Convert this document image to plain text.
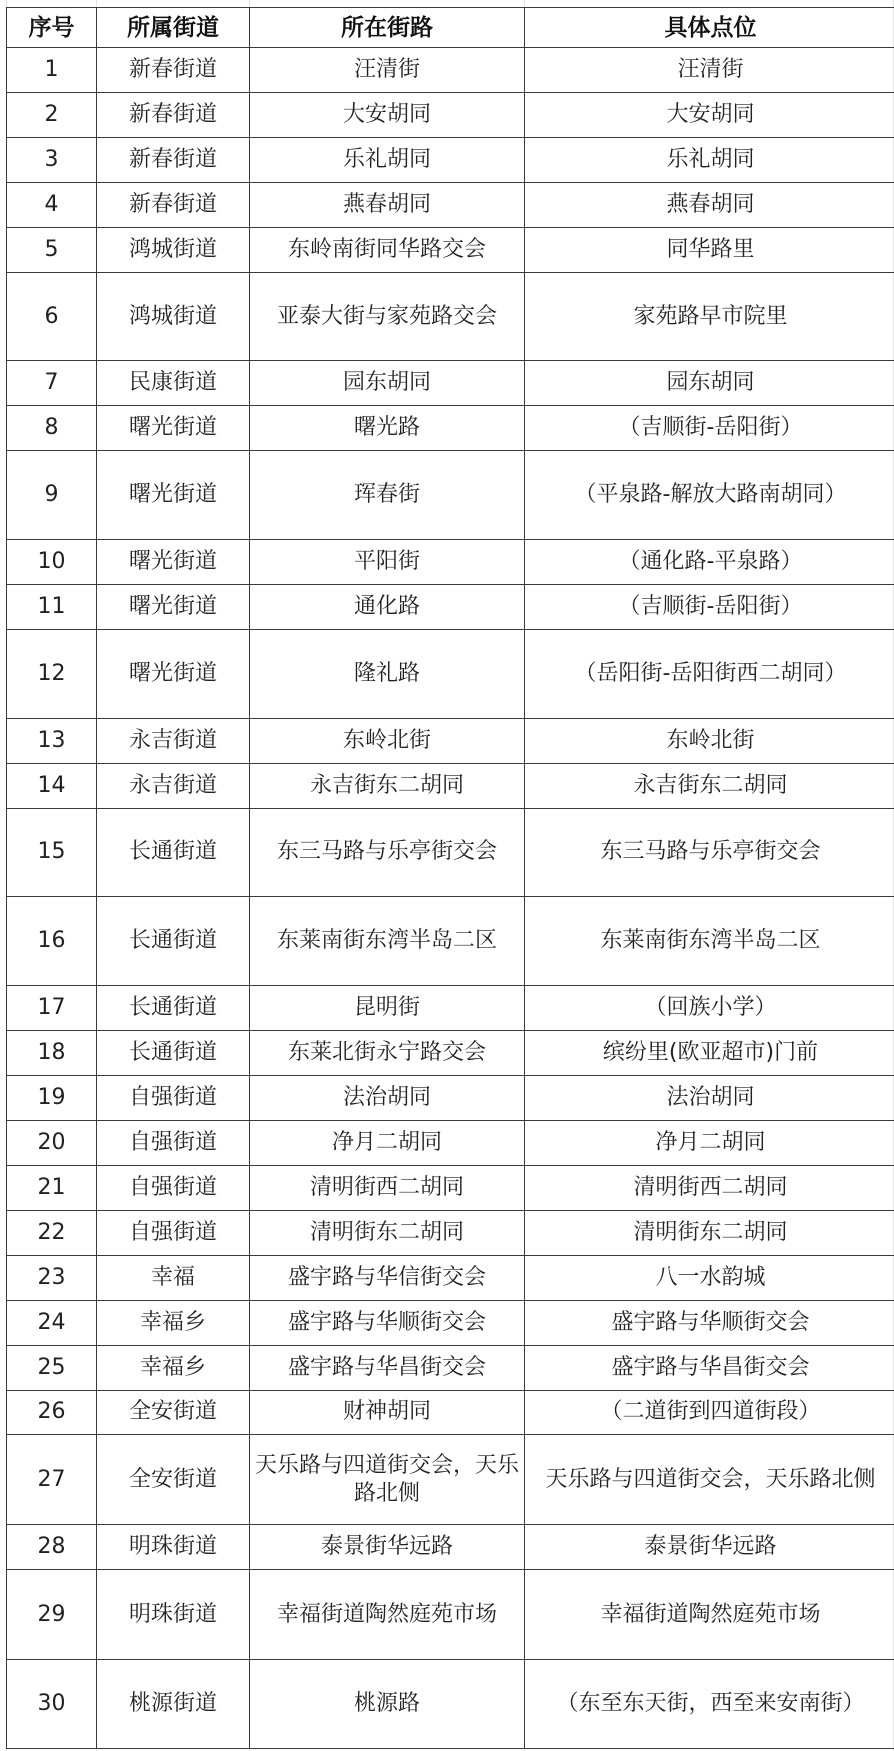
序号	所属街道	所在街路	具体点位
1	新春街道	汪清街	汪清街
2	新春街道	大安胡同	大安胡同
3	新春街道	乐礼胡同	乐礼胡同
4	新春街道	燕春胡同	燕春胡同
5	鸿城街道	东岭南街同华路交会	同华路里
6	鸿城街道	亚泰大街与家苑路交会	家苑路早市院里
7	民康街道	园东胡同	园东胡同
8	曙光街道	曙光路	（吉顺街-岳阳街）
9	曙光街道	珲春街	（平泉路-解放大路南胡同）
10	曙光街道	平阳街	（通化路-平泉路）
11	曙光街道	通化路	（吉顺街-岳阳街）
12	曙光街道	隆礼路	（岳阳街-岳阳街西二胡同）
13	永吉街道	东岭北街	东岭北街
14	永吉街道	永吉街东二胡同	永吉街东二胡同
15	长通街道	东三马路与乐亭街交会	东三马路与乐亭街交会
16	长通街道	东莱南街东湾半岛二区	东莱南街东湾半岛二区
17	长通街道	昆明街	（回族小学）
18	长通街道	东莱北街永宁路交会	缤纷里(欧亚超市)门前
19	自强街道	法治胡同	法治胡同
20	自强街道	净月二胡同	净月二胡同
21	自强街道	清明街西二胡同	清明街西二胡同
22	自强街道	清明街东二胡同	清明街东二胡同
23	幸福	盛宇路与华信街交会	八一水韵城
24	幸福乡	盛宇路与华顺街交会	盛宇路与华顺街交会
25	幸福乡	盛宇路与华昌街交会	盛宇路与华昌街交会
26	全安街道	财神胡同	（二道街到四道街段）
27	全安街道	天乐路与四道街交会，天乐路北侧	天乐路与四道街交会，天乐路北侧
28	明珠街道	泰景街华远路	泰景街华远路
29	明珠街道	幸福街道陶然庭苑市场	幸福街道陶然庭苑市场
30	桃源街道	桃源路	（东至东天街，西至来安南街）
